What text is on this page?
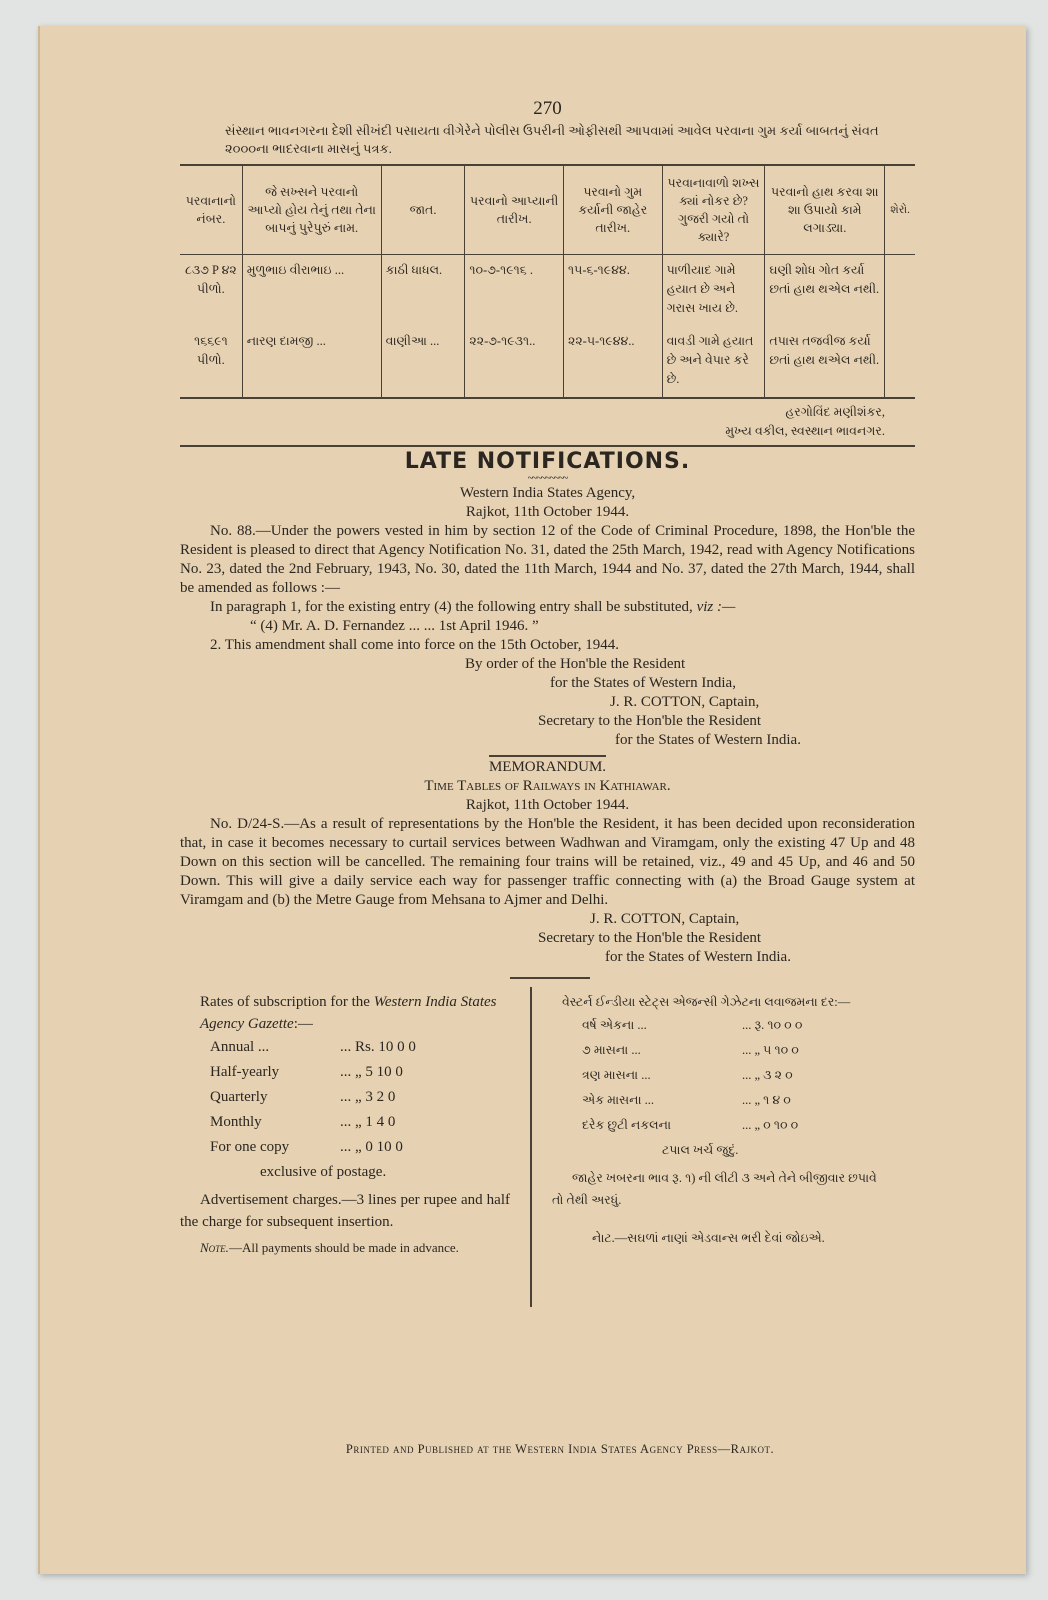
270
સંસ્થાન ભાવનગરના દેશી સીખંદી પસાયતા વીગેરેને પોલીસ ઉપરીની ઓફીસથી આપવામાં આવેલ પરવાના ગુમ કર્યા બાબતનું સંવત ૨૦૦૦ના ભાદરવાના માસનું પત્રક.
પરવાનાનો નંબર.	જે સખ્સને પરવાનો આપ્યો હોય તેનું તથા તેના બાપનું પુરેપુરું નામ.	જાત.	પરવાનો આપ્યાની તારીખ.	પરવાનો ગુમ કર્યાની જાહેર તારીખ.	પરવાનાવાળો શખ્સ ક્યાં નોકર છે? ગુજરી ગયો તો ક્યારે?	પરવાનો હાથ કરવા શા શા ઉપાયો કામે લગાડ્યા.	શેરો.
૮૩૭ P ૪૨ પીળો.	મુળુભાઇ વીરાભાઇ ...	કાઠી ધાધલ.	૧૦-૭-૧૯૧૬ .	૧૫-૬-૧૯૪૪.	પાળીયાદ ગામે હયાત છે અને ગરાસ ખાય છે.	ઘણી શોધ ગોત કર્યા છતાં હાથ થએલ નથી.	
૧૬૬૯૧ પીળો.	નારણ દામજી ...	વાણીઆ ...	૨૨-૭-૧૯૩૧..	૨૨-૫-૧૯૪૪..	વાવડી ગામે હયાત છે અને વેપાર કરે છે.	તપાસ તજવીજ કર્યા છતાં હાથ થએલ નથી.	
હરગોવિંદ મણીશંકર,
મુખ્ય વકીલ, સ્વસ્થાન ભાવનગર.
LATE NOTIFICATIONS.
~~~~~~~~~
Western India States Agency,
Rajkot, 11th October 1944.

No. 88.—Under the powers vested in him by section 12 of the Code of Criminal Procedure, 1898, the Hon'ble the Resident is pleased to direct that Agency Notification No. 31, dated the 25th March, 1942, read with Agency Notifications No. 23, dated the 2nd February, 1943, No. 30, dated the 11th March, 1944 and No. 37, dated the 27th March, 1944, shall be amended as follows :—

In paragraph 1, for the existing entry (4) the following entry shall be substituted, viz :—

“ (4) Mr. A. D. Fernandez ... ... 1st April 1946. ”

2. This amendment shall come into force on the 15th October, 1944.

By order of the Hon'ble the Resident
for the States of Western India,
J. R. COTTON, Captain,
Secretary to the Hon'ble the Resident
for the States of Western India.
MEMORANDUM.
Time Tables of Railways in Kathiawar.
Rajkot, 11th October 1944.

No. D/24-S.—As a result of representations by the Hon'ble the Resident, it has been decided upon reconsideration that, in case it becomes necessary to curtail services between Wadhwan and Viramgam, only the existing 47 Up and 48 Down on this section will be cancelled. The remaining four trains will be retained, viz., 49 and 45 Up, and 46 and 50 Down. This will give a daily service each way for passenger traffic connecting with (a) the Broad Gauge system at Viramgam and (b) the Metre Gauge from Mehsana to Ajmer and Delhi.

J. R. COTTON, Captain,
Secretary to the Hon'ble the Resident
for the States of Western India.
Rates of subscription for the Western India States Agency Gazette:—
Annual ...	... Rs. 10 0 0
Half-yearly	... „ 5 10 0
Quarterly	... „ 3 2 0
Monthly	... „ 1 4 0
For one copy	... „ 0 10 0
exclusive of postage.
Advertisement charges.—3 lines per rupee and half the charge for subsequent insertion.
Note.—All payments should be made in advance.
વેસ્ટર્ન ઈન્ડીયા સ્ટેટ્સ એજન્સી ગેઝેટના લવાજમના દર:—
વર્ષ એકના ...	... રૂ. ૧૦ ૦ ૦
૭ માસના ...	... „ ૫ ૧૦ ૦
ત્રણ માસના ...	... „ ૩ ૨ ૦
એક માસના ...	... „ ૧ ૪ ૦
દરેક છુટી નકલના	... „ ૦ ૧૦ ૦
ટપાલ ખર્ચ જુદું.
જાહેર ખબરના ભાવ રૂ. ૧) ની લીટી ૩ અને તેને બીજીવાર છપાવે તો તેથી અરધું.
નેાટ.—સઘળાં નાણાં એડવાન્સ ભરી દેવાં જોઇએ.
Printed and Published at the Western India States Agency Press—Rajkot.
